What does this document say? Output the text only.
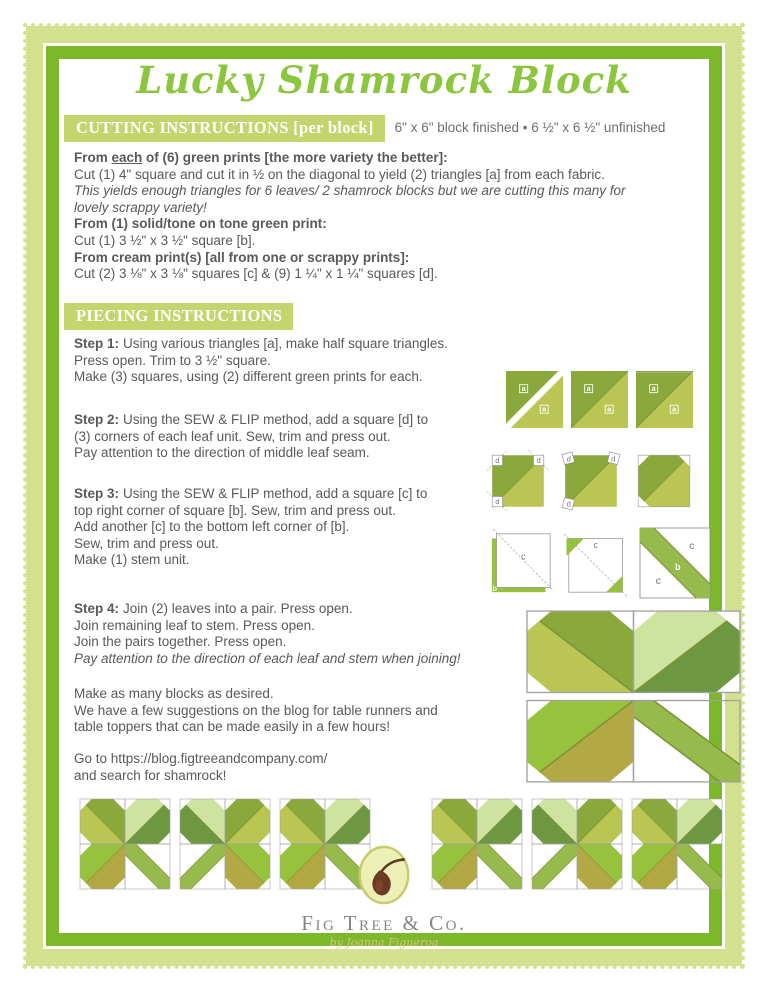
Lucky Shamrock Block
CUTTING INSTRUCTIONS [per block]	6" x 6" block finished • 6 ½" x 6 ½" unfinished
From each of (6) green prints [the more variety the better]:
Cut (1) 4" square and cut it in ½ on the diagonal to yield (2) triangles [a] from each fabric.
This yields enough triangles for 6 leaves/ 2 shamrock blocks but we are cutting this many for
lovely scrappy variety!
From (1) solid/tone on tone green print:
Cut (1) 3 ½" x 3 ½" square [b].
From cream print(s) [all from one or scrappy prints]:
Cut (2) 3 ⅛" x 3 ⅛" squares [c] & (9) 1 ¼" x 1 ¼" squares [d].
PIECING INSTRUCTIONS
Step 1: Using various triangles [a], make half square triangles.
Press open. Trim to 3 ½" square.
Make (3) squares, using (2) different green prints for each.
Step 2: Using the SEW & FLIP method, add a square [d] to
(3) corners of each leaf unit. Sew, trim and press out.
Pay attention to the direction of middle leaf seam.
Step 3: Using the SEW & FLIP method, add a square [c] to
top right corner of square [b]. Sew, trim and press out.
Add another [c] to the bottom left corner of [b].
Sew, trim and press out.
Make (1) stem unit.
Step 4: Join (2) leaves into a pair. Press open.
Join remaining leaf to stem. Press open.
Join the pairs together. Press open.
Pay attention to the direction of each leaf and stem when joining!
Make as many blocks as desired.
We have a few suggestions on the blog for table runners and
table toppers that can be made easily in a few hours!
Go to https://blog.figtreeandcompany.com/
and search for shamrock!
a
a
a
a
a
a
d d
d
d	d
d
c
b
c	c
c
b
Fig Tree & Co.
by Joanna Figueroa
